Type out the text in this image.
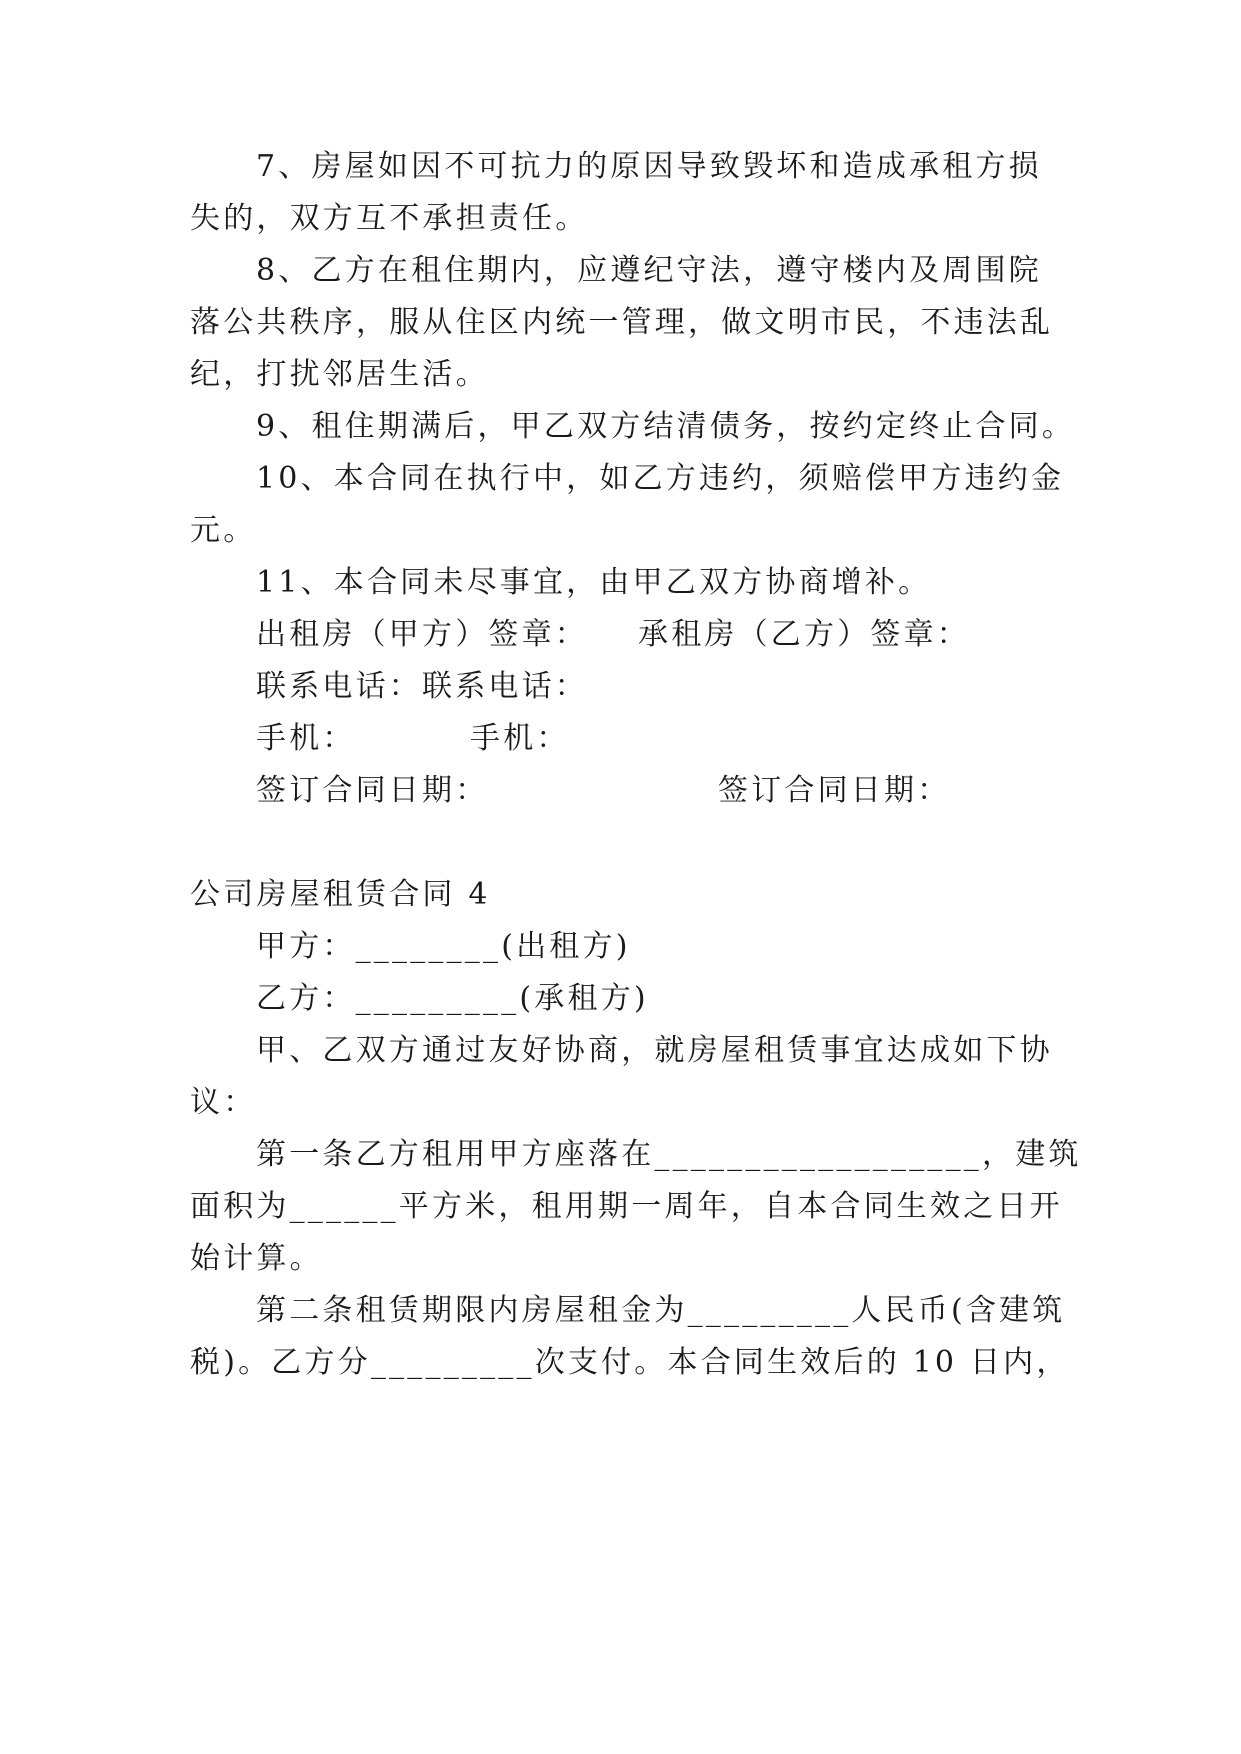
7、房屋如因不可抗力的原因导致毁坏和造成承租方损
失的，双方互不承担责任。
8、乙方在租住期内，应遵纪守法，遵守楼内及周围院
落公共秩序，服从住区内统一管理，做文明市民，不违法乱
纪，打扰邻居生活。
9、租住期满后，甲乙双方结清债务，按约定终止合同。
10、本合同在执行中，如乙方违约，须赔偿甲方违约金
元。
11、本合同未尽事宜，由甲乙双方协商增补。
出租房（甲方）签章： 承租房（乙方）签章：
联系电话：联系电话：
手机：	手机：
签订合同日期：	签订合同日期：
公司房屋租赁合同 4
甲方：________(出租方)
乙方：_________(承租方)
甲、乙双方通过友好协商，就房屋租赁事宜达成如下协
议：
第一条乙方租用甲方座落在__________________，建筑
面积为______平方米，租用期一周年，自本合同生效之日开
始计算。
第二条租赁期限内房屋租金为_________人民币(含建筑
税)。乙方分_________次支付。本合同生效后的 10 日内，
